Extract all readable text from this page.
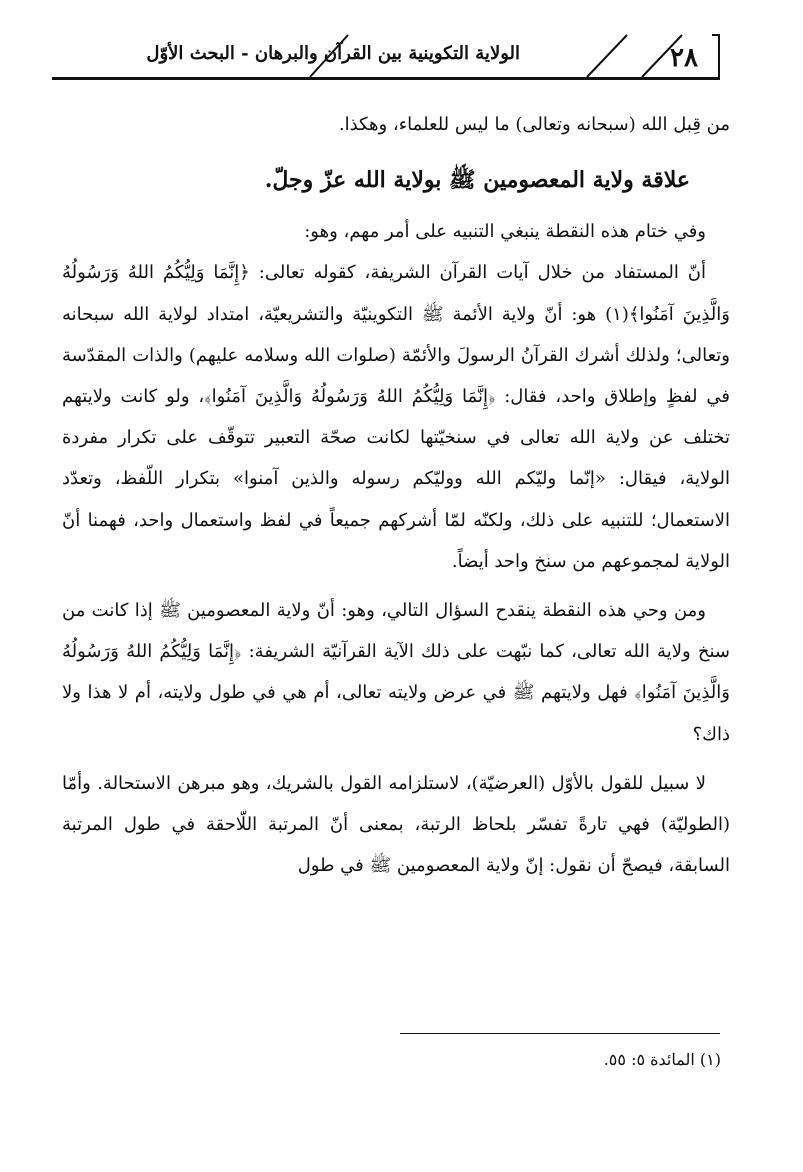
٢٨
الولاية التكوينية بين القرآن والبرهان - البحث الأوّل

من قِبل الله (سبحانه وتعالى) ما ليس للعلماء، وهكذا.

علاقة ولاية المعصومين ﷺ بولاية الله عزّ وجلّ.

وفي ختام هذه النقطة ينبغي التنبيه على أمر مهم، وهو:

أنّ المستفاد من خلال آيات القرآن الشريفة، كقوله تعالى: ﴿إِنَّمَا وَلِيُّكُمُ اللهُ وَرَسُولُهُ وَالَّذِينَ آمَنُوا﴾(١) هو: أنّ ولاية الأئمة ﷺ التكوينيّة والتشريعيّة، امتداد لولاية الله سبحانه وتعالى؛ ولذلك أشرك القرآنُ الرسولَ والأئمّة (صلوات الله وسلامه عليهم) والذات المقدّسة في لفظٍ وإطلاق واحد، فقال: ﴿إِنَّمَا وَلِيُّكُمُ اللهُ وَرَسُولُهُ وَالَّذِينَ آمَنُوا﴾، ولو كانت ولايتهم تختلف عن ولاية الله تعالى في سنخيّتها لكانت صحّة التعبير تتوقّف على تكرار مفردة الولاية، فيقال: «إنّما وليّكم الله ووليّكم رسوله والذين آمنوا» بتكرار اللّفظ، وتعدّد الاستعمال؛ للتنبيه على ذلك، ولكنّه لمّا أشركهم جميعاً في لفظ واستعمال واحد، فهمنا أنّ الولاية لمجموعهم من سنخ واحد أيضاً.

ومن وحي هذه النقطة ينقدح السؤال التالي، وهو: أنّ ولاية المعصومين ﷺ إذا كانت من سنخ ولاية الله تعالى، كما نبّهت على ذلك الآية القرآنيّة الشريفة: ﴿إِنَّمَا وَلِيُّكُمُ اللهُ وَرَسُولُهُ وَالَّذِينَ آمَنُوا﴾ فهل ولايتهم ﷺ في عرض ولايته تعالى، أم هي في طول ولايته، أم لا هذا ولا ذاك؟

لا سبيل للقول بالأوّل (العرضيّة)، لاستلزامه القول بالشريك، وهو مبرهن الاستحالة. وأمّا (الطوليّة) فهي تارةً تفسّر بلحاظ الرتبة، بمعنى أنّ المرتبة اللّاحقة في طول المرتبة السابقة، فيصحّ أن نقول: إنّ ولاية المعصومين ﷺ في طول

(١) المائدة ٥: ٥٥.
